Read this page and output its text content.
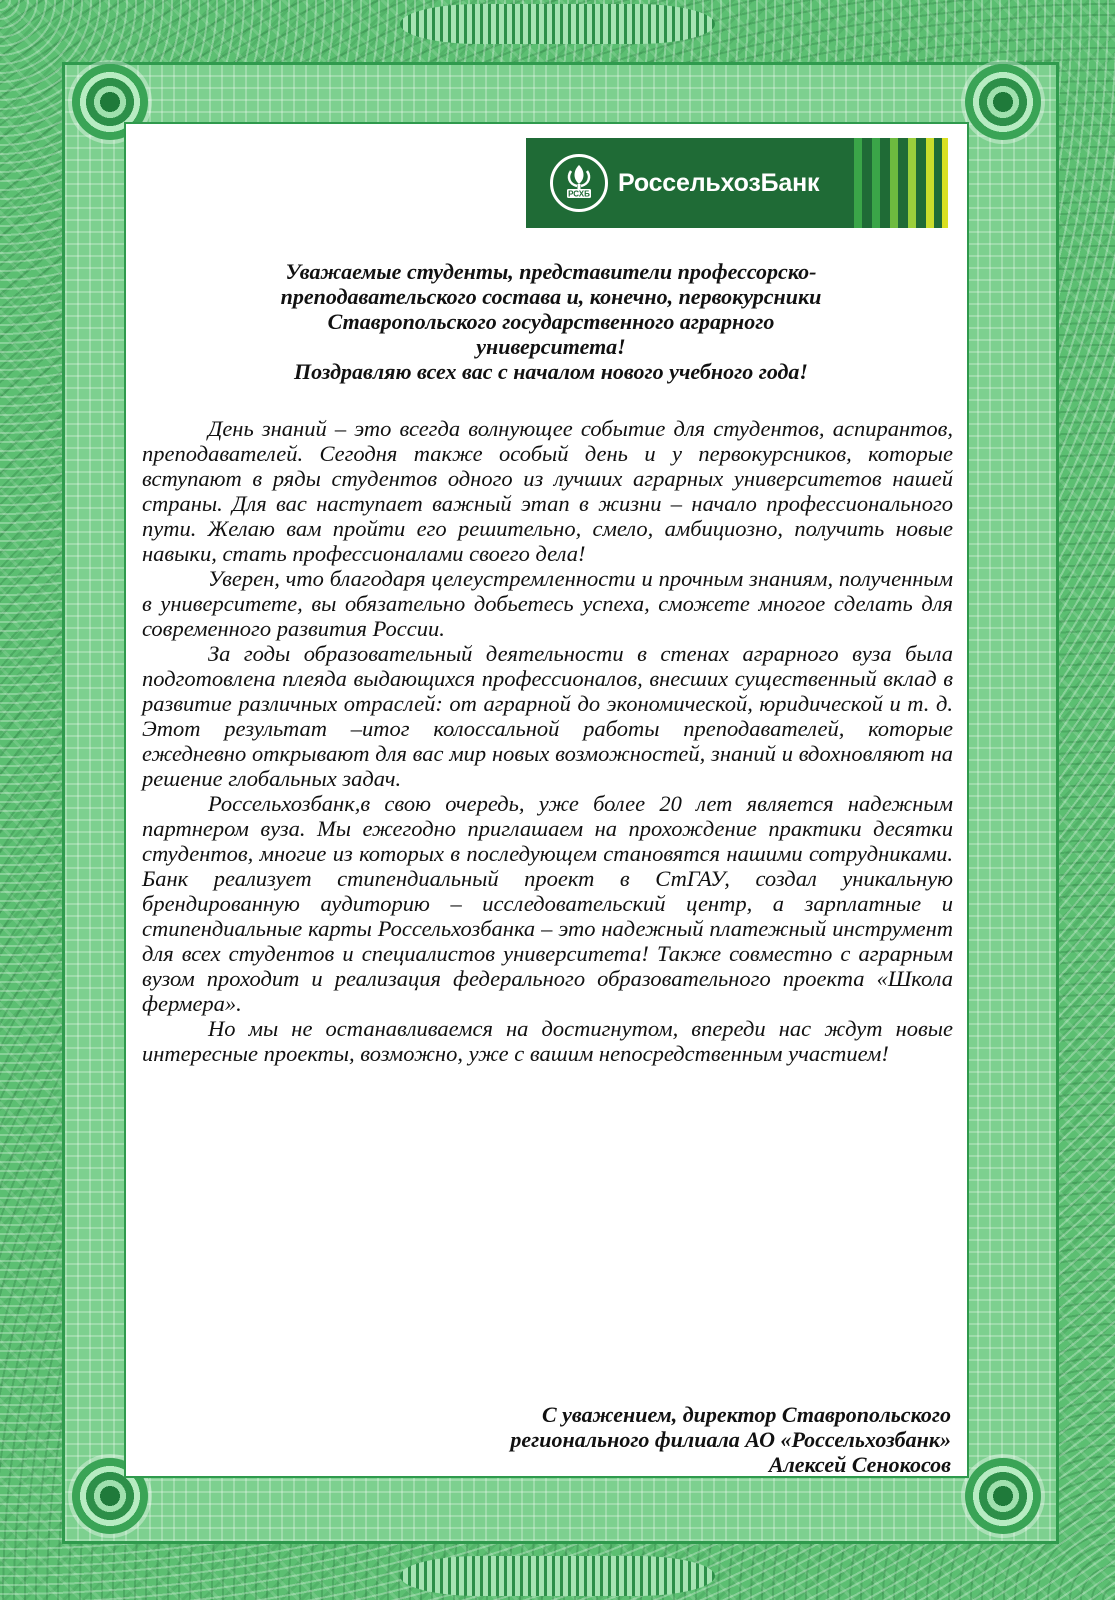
РСХБ РоссельхозБанк
Уважаемые студенты, представители профессорско-
преподавательского состава и, конечно, первокурсники
Ставропольского государственного аграрного
университета!
Поздравляю всех вас с началом нового учебного года!

День знаний – это всегда волнующее событие для студентов, аспирантов, преподавателей. Сегодня также особый день и у первокурсников, которые вступают в ряды студентов одного из лучших аграрных университетов нашей страны. Для вас наступает важный этап в жизни – начало профессионального пути. Желаю вам пройти его решительно, смело, амбициозно, получить новые навыки, стать профессионалами своего дела!

Уверен, что благодаря целеустремленности и прочным знаниям, полученным в университете, вы обязательно добьетесь успеха, сможете многое сделать для современного развития России.

За годы образовательный деятельности в стенах аграрного вуза была подготовлена плеяда выдающихся профессионалов, внесших существенный вклад в развитие различных отраслей: от аграрной до экономической, юридической и т. д. Этот результат –итог колоссальной работы преподавателей, которые ежедневно открывают для вас мир новых возможностей, знаний и вдохновляют на решение глобальных задач.

Россельхозбанк,в свою очередь, уже более 20 лет является надежным партнером вуза. Мы ежегодно приглашаем на прохождение практики десятки студентов, многие из которых в последующем становятся нашими сотрудниками. Банк реализует стипендиальный проект в СтГАУ, создал уникальную брендированную аудиторию – исследовательский центр, а зарплатные и стипендиальные карты Россельхозбанка – это надежный платежный инструмент для всех студентов и специалистов университета! Также совместно с аграрным вузом проходит и реализация федерального образовательного проекта «Школа фермера».

Но мы не останавливаемся на достигнутом, впереди нас ждут новые интересные проекты, возможно, уже с вашим непосредственным участием!

С уважением, директор Ставропольского
регионального филиала АО «Россельхозбанк»
Алексей Сенокосов
